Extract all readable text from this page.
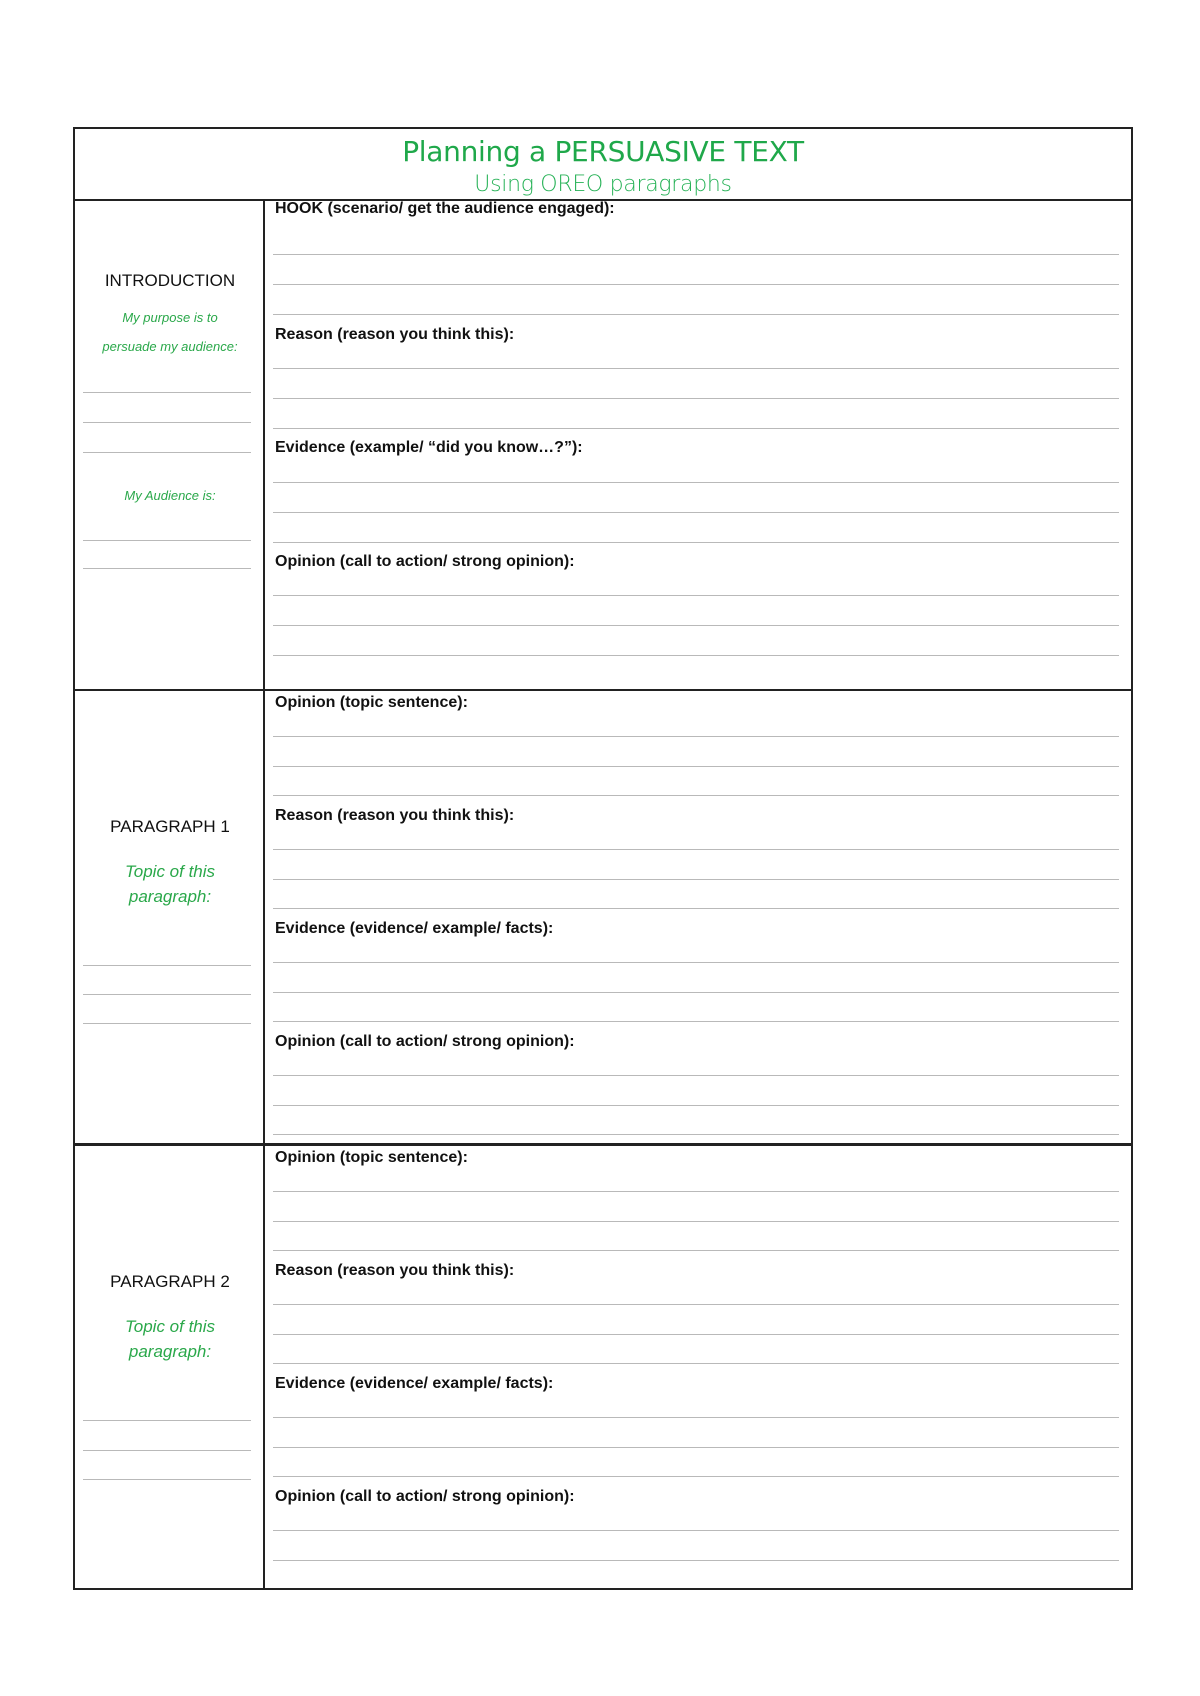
Planning a PERSUASIVE TEXT
Using OREO paragraphs
INTRODUCTION
My purpose is to
persuade my audience:
My Audience is:
HOOK (scenario/ get the audience engaged):
Reason (reason you think this):
Evidence (example/ “did you know…?”):
Opinion (call to action/ strong opinion):
PARAGRAPH 1
Topic of this paragraph:
Opinion (topic sentence):
Reason (reason you think this):
Evidence (evidence/ example/ facts):
Opinion (call to action/ strong opinion):
PARAGRAPH 2
Topic of this paragraph:
Opinion (topic sentence):
Reason (reason you think this):
Evidence (evidence/ example/ facts):
Opinion (call to action/ strong opinion):
